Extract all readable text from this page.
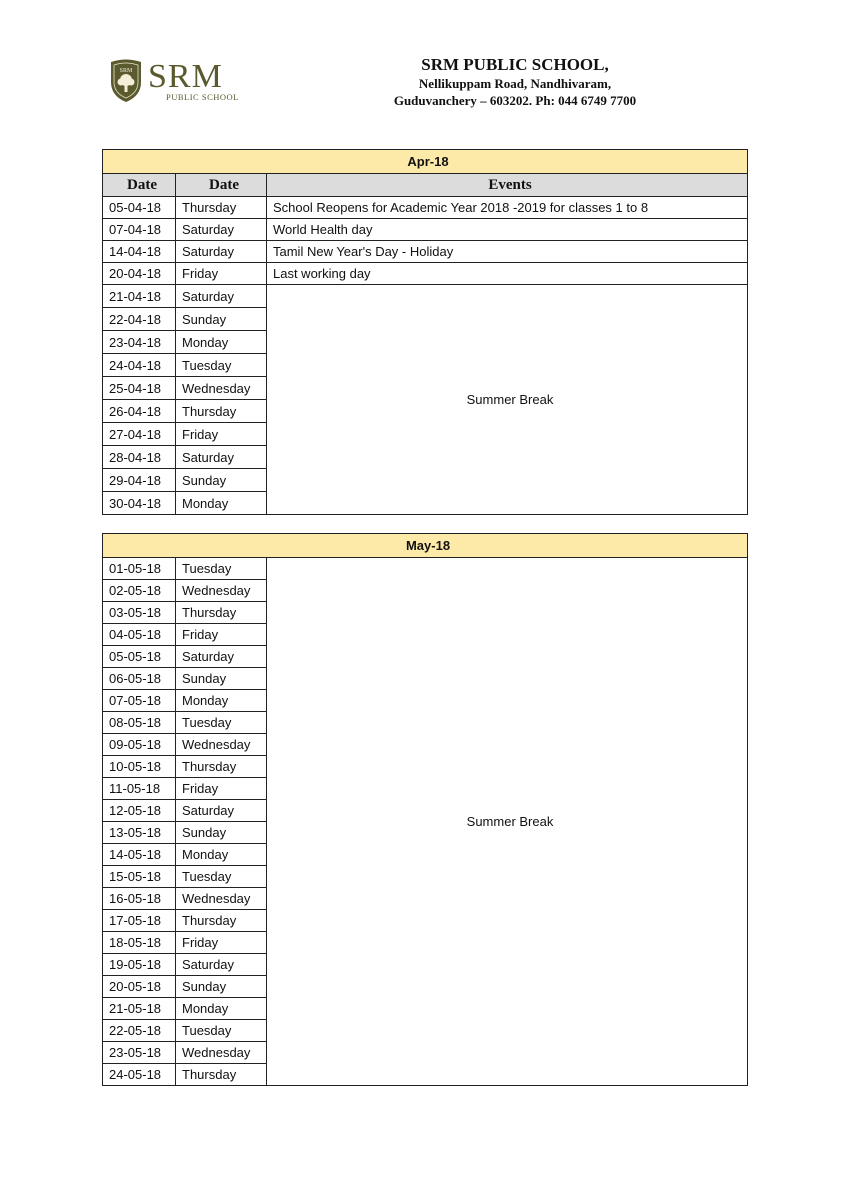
SRM SRM
PUBLIC SCHOOL
SRM PUBLIC SCHOOL,
Nellikuppam Road, Nandhivaram,
Guduvanchery – 603202. Ph: 044 6749 7700
Apr-18		
Date	Date	Events
05-04-18	Thursday	School Reopens for Academic Year 2018 -2019 for classes 1 to 8
07-04-18	Saturday	World Health day
14-04-18	Saturday	Tamil New Year's Day - Holiday
20-04-18	Friday	Last working day
21-04-18	Saturday	Summer Break
22-04-18	Sunday	
23-04-18	Monday	
24-04-18	Tuesday	
25-04-18	Wednesday	
26-04-18	Thursday	
27-04-18	Friday	
28-04-18	Saturday	
29-04-18	Sunday	
30-04-18	Monday	
May-18		
01-05-18	Tuesday	Summer Break
02-05-18	Wednesday	
03-05-18	Thursday	
04-05-18	Friday	
05-05-18	Saturday	
06-05-18	Sunday	
07-05-18	Monday	
08-05-18	Tuesday	
09-05-18	Wednesday	
10-05-18	Thursday	
11-05-18	Friday	
12-05-18	Saturday	
13-05-18	Sunday	
14-05-18	Monday	
15-05-18	Tuesday	
16-05-18	Wednesday	
17-05-18	Thursday	
18-05-18	Friday	
19-05-18	Saturday	
20-05-18	Sunday	
21-05-18	Monday	
22-05-18	Tuesday	
23-05-18	Wednesday	
24-05-18	Thursday	
